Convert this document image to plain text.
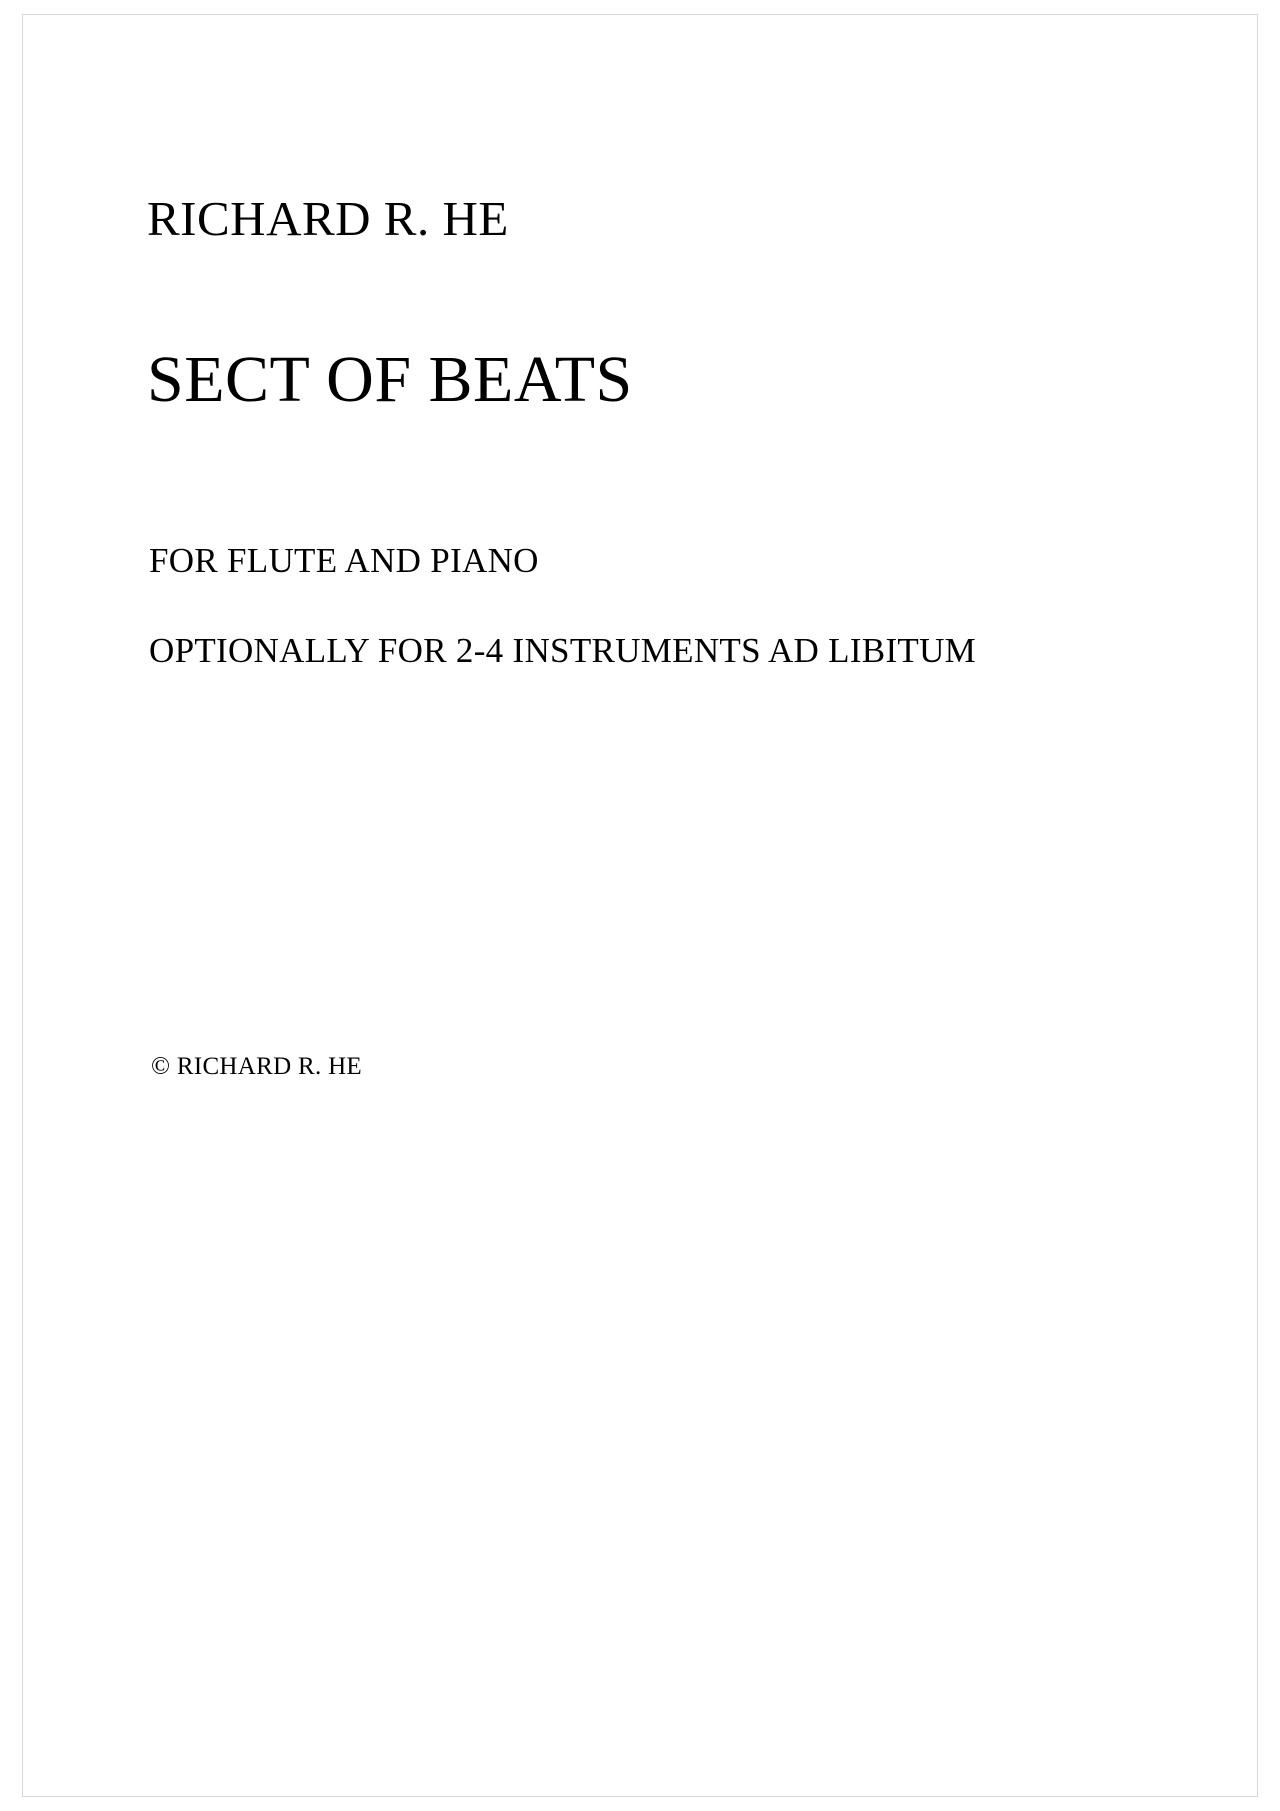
RICHARD R. HE
SECT OF BEATS
FOR FLUTE AND PIANO
OPTIONALLY FOR 2-4 INSTRUMENTS AD LIBITUM
© RICHARD R. HE
